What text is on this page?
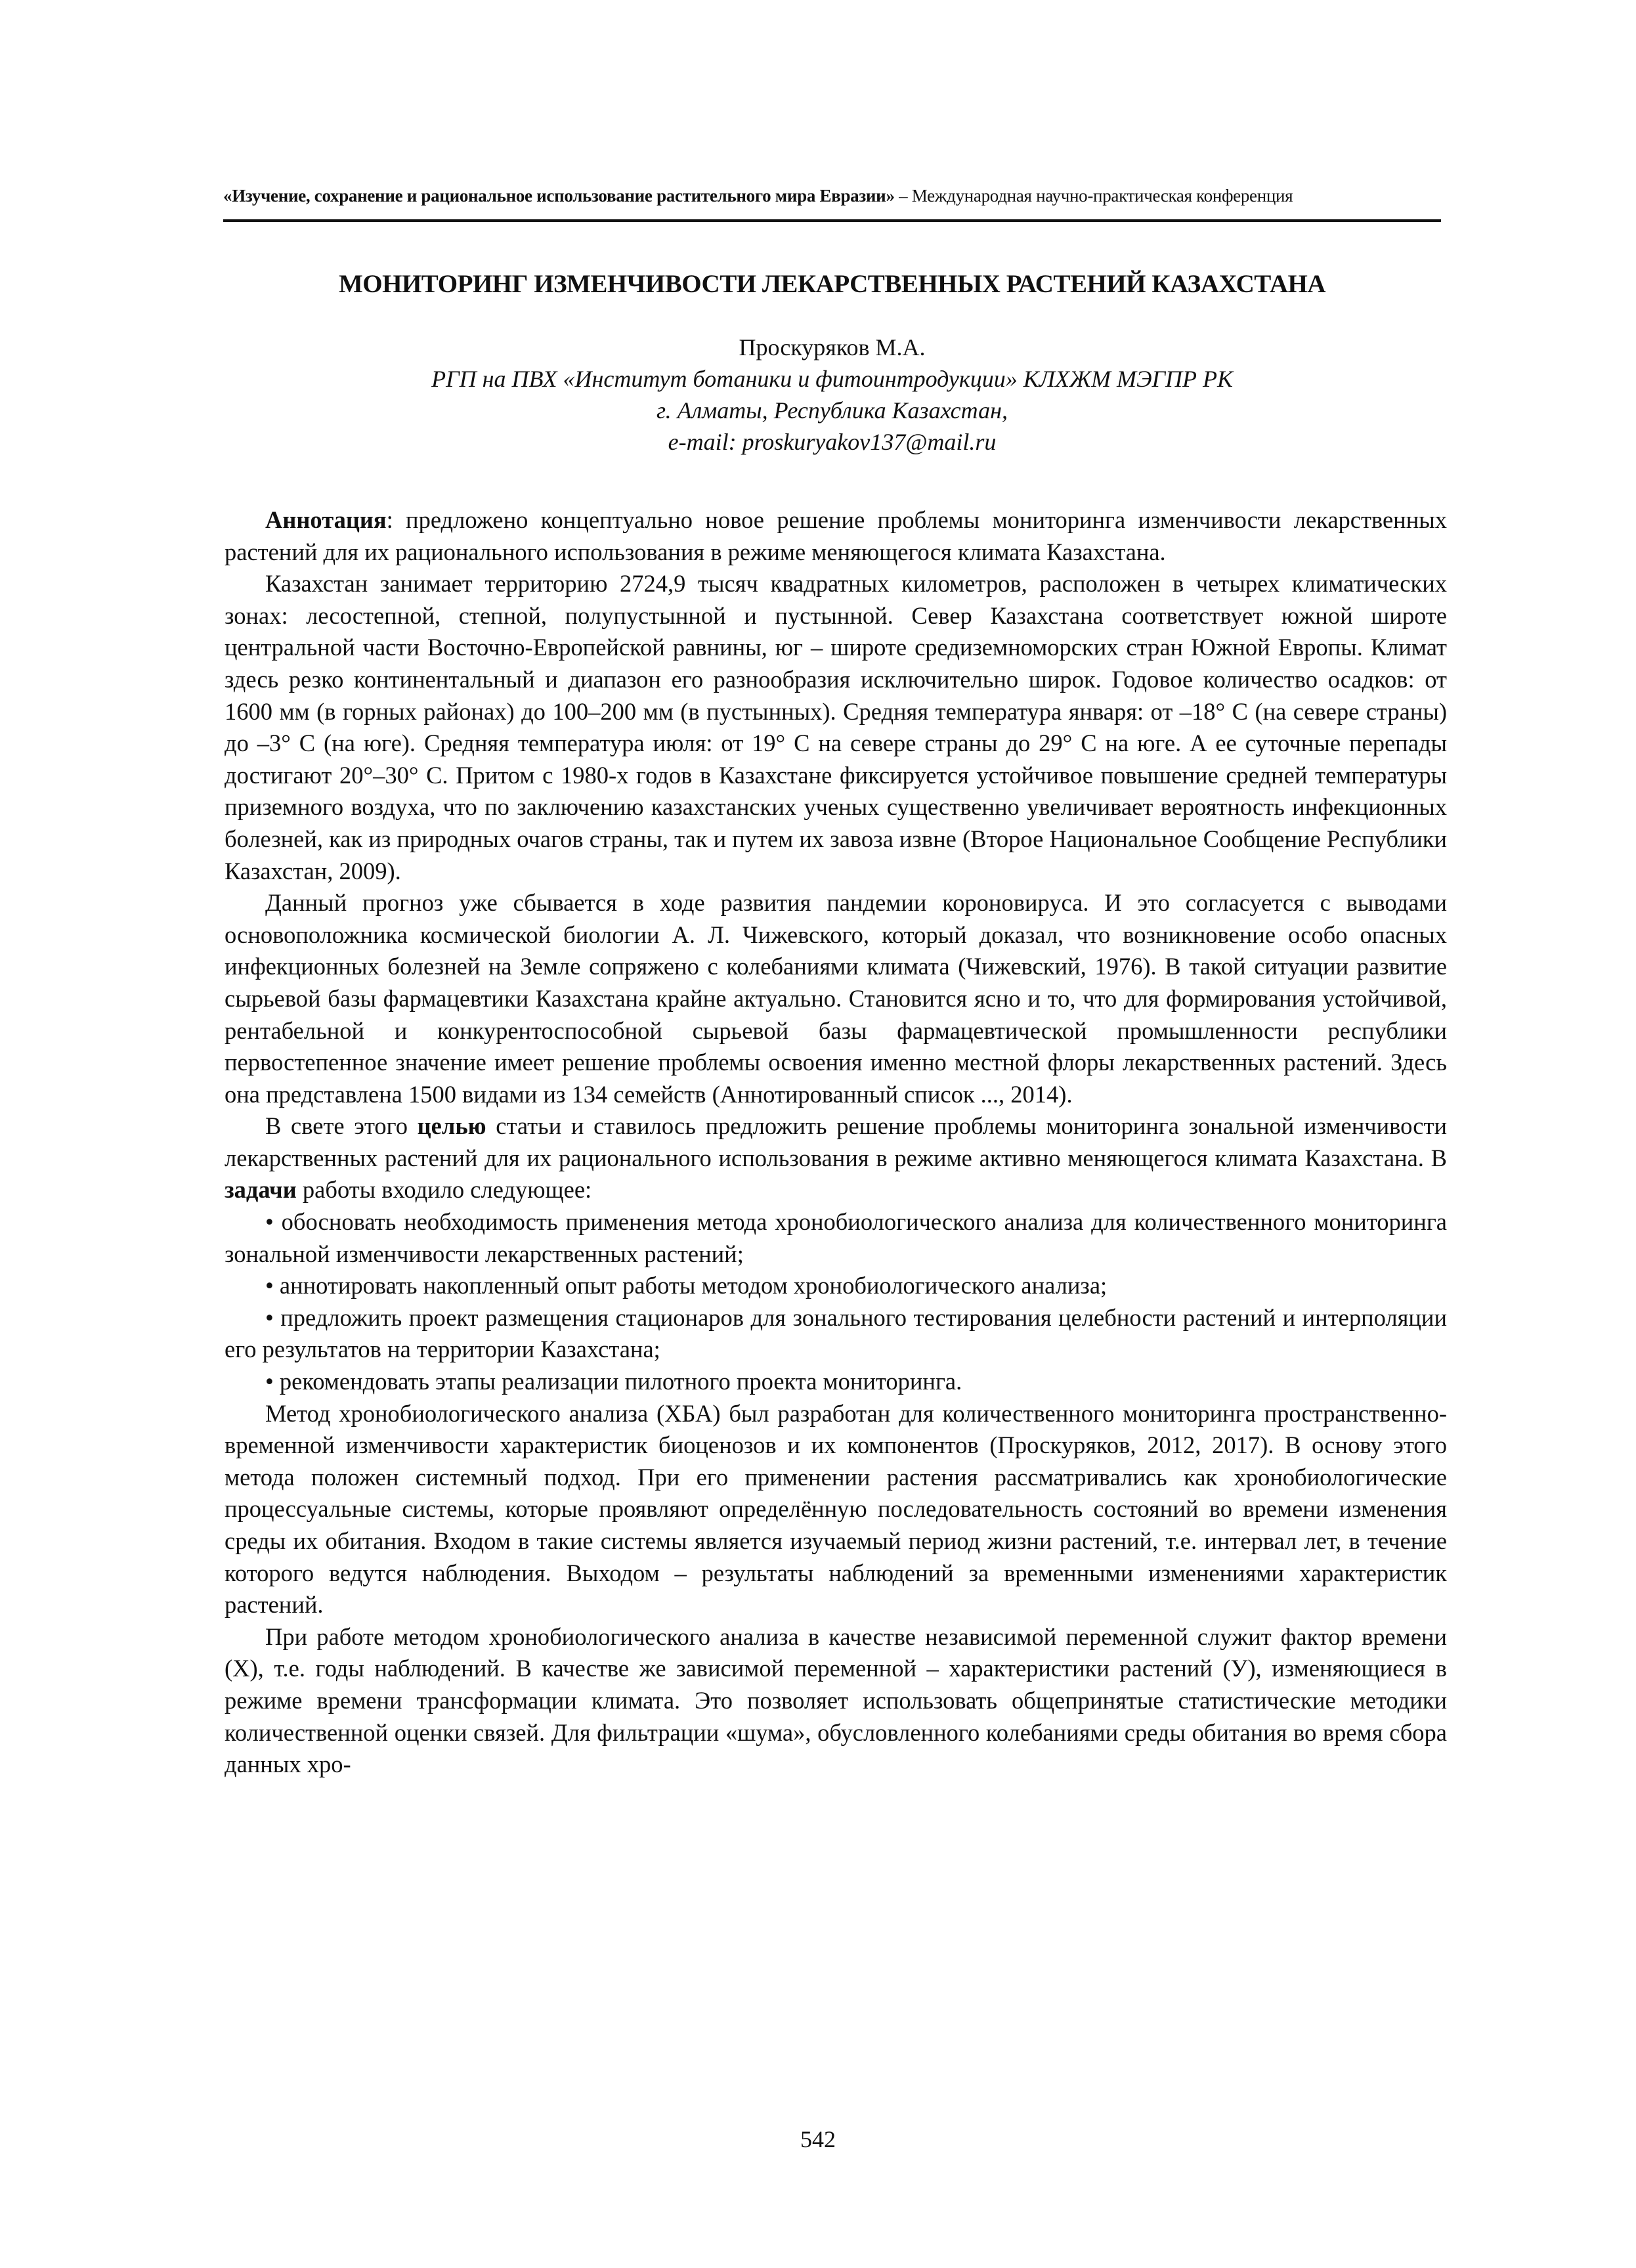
«Изучение, сохранение и рациональное использование растительного мира Евразии» – Международная научно-практическая конференция
МОНИТОРИНГ ИЗМЕНЧИВОСТИ ЛЕКАРСТВЕННЫХ РАСТЕНИЙ КАЗАХСТАНА
Проскуряков М.А.
РГП на ПВХ «Институт ботаники и фитоинтродукции» КЛХЖМ МЭГПР РК
г. Алматы, Республика Казахстан,
e-mail: proskuryakov137@mail.ru

Аннотация: предложено концептуально новое решение проблемы мониторинга изменчивости лекарственных растений для их рационального использования в режиме меняющегося климата Казахстана.

Казахстан занимает территорию 2724,9 тысяч квадратных километров, расположен в четырех климатических зонах: лесостепной, степной, полупустынной и пустынной. Север Казахстана соответствует южной широте центральной части Восточно-Европейской равнины, юг – широте средиземноморских стран Южной Европы. Климат здесь резко континентальный и диапазон его разнообразия исключительно широк. Годовое количество осадков: от 1600 мм (в горных районах) до 100–200 мм (в пустынных). Средняя температура января: от –18° С (на севере страны) до –3° С (на юге). Средняя температура июля: от 19° С на севере страны до 29° С на юге. А ее суточные перепады достигают 20°–30° С. Притом с 1980-х годов в Казахстане фиксируется устойчивое повышение средней температуры приземного воздуха, что по заключению казахстанских ученых существенно увеличивает вероятность инфекционных болезней, как из природных очагов страны, так и путем их завоза извне (Второе Национальное Сообщение Республики Казахстан, 2009).

Данный прогноз уже сбывается в ходе развития пандемии короновируса. И это согласуется с выводами основоположника космической биологии А. Л. Чижевского, который доказал, что возникновение особо опасных инфекционных болезней на Земле сопряжено с колебаниями климата (Чижевский, 1976). В такой ситуации развитие сырьевой базы фармацевтики Казахстана крайне актуально. Становится ясно и то, что для формирования устойчивой, рентабельной и конкурентоспособной сырьевой базы фармацевтической промышленности республики первостепенное значение имеет решение проблемы освоения именно местной флоры лекарственных растений. Здесь она представлена 1500 видами из 134 семейств (Аннотированный список ..., 2014).

В свете этого целью статьи и ставилось предложить решение проблемы мониторинга зональной изменчивости лекарственных растений для их рационального использования в режиме активно меняющегося климата Казахстана. В задачи работы входило следующее:

• обосновать необходимость применения метода хронобиологического анализа для количественного мониторинга зональной изменчивости лекарственных растений;

• аннотировать накопленный опыт работы методом хронобиологического анализа;

• предложить проект размещения стационаров для зонального тестирования целебности растений и интерполяции его результатов на территории Казахстана;

• рекомендовать этапы реализации пилотного проекта мониторинга.

Метод хронобиологического анализа (ХБА) был разработан для количественного мониторинга пространственно-временной изменчивости характеристик биоценозов и их компонентов (Проскуряков, 2012, 2017). В основу этого метода положен системный подход. При его применении растения рассматривались как хронобиологические процессуальные системы, которые проявляют определённую последовательность состояний во времени изменения среды их обитания. Входом в такие системы является изучаемый период жизни растений, т.е. интервал лет, в течение которого ведутся наблюдения. Выходом – результаты наблюдений за временными изменениями характеристик растений.

При работе методом хронобиологического анализа в качестве независимой переменной служит фактор времени (Х), т.е. годы наблюдений. В качестве же зависимой переменной – характеристики растений (У), изменяющиеся в режиме времени трансформации климата. Это позволяет использовать общепринятые статистические методики количественной оценки связей. Для фильтрации «шума», обусловленного колебаниями среды обитания во время сбора данных хро-

542
